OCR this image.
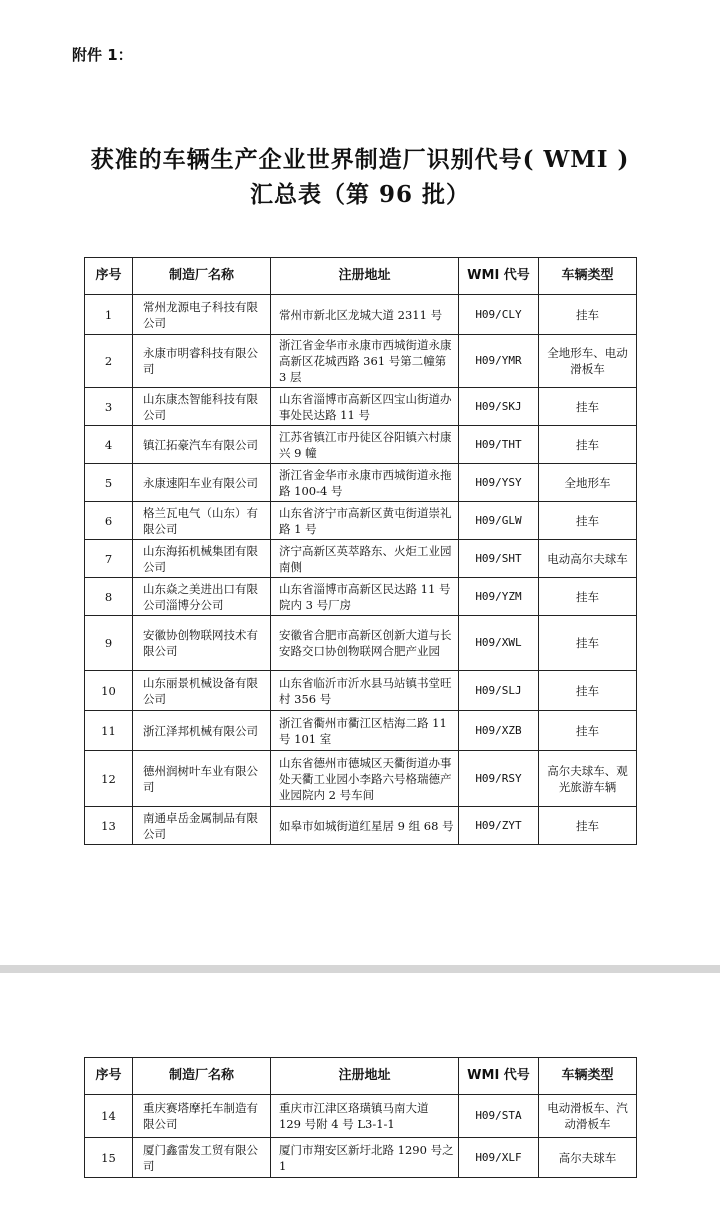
附件 1：
获准的车辆生产企业世界制造厂识别代号( WMI )
汇总表（第 96 批）
序号	制造厂名称	注册地址	WMI 代号	车辆类型
1	常州龙源电子科技有限公司	常州市新北区龙城大道 2311 号	H09/CLY	挂车
2	永康市明睿科技有限公司	浙江省金华市永康市西城街道永康高新区花城西路 361 号第二幢第 3 层	H09/YMR	全地形车、电动滑板车
3	山东康杰智能科技有限公司	山东省淄博市高新区四宝山街道办事处民达路 11 号	H09/SKJ	挂车
4	镇江拓豪汽车有限公司	江苏省镇江市丹徒区谷阳镇六村康兴 9 幢	H09/THT	挂车
5	永康速阳车业有限公司	浙江省金华市永康市西城街道永拖路 100-4 号	H09/YSY	全地形车
6	格兰瓦电气（山东）有限公司	山东省济宁市高新区黄屯街道崇礼路 1 号	H09/GLW	挂车
7	山东海拓机械集团有限公司	济宁高新区英萃路东、火炬工业园南侧	H09/SHT	电动高尔夫球车
8	山东焱之美进出口有限公司淄博分公司	山东省淄博市高新区民达路 11 号院内 3 号厂房	H09/YZM	挂车
9	安徽协创物联网技术有限公司	安徽省合肥市高新区创新大道与长安路交口协创物联网合肥产业园	H09/XWL	挂车
10	山东丽景机械设备有限公司	山东省临沂市沂水县马站镇书堂旺村 356 号	H09/SLJ	挂车
11	浙江泽邦机械有限公司	浙江省衢州市衢江区桔海二路 11 号 101 室	H09/XZB	挂车
12	德州润树叶车业有限公司	山东省德州市德城区天衢街道办事处天衢工业园小李路六号格瑞德产业园院内 2 号车间	H09/RSY	高尔夫球车、观光旅游车辆
13	南通卓岳金属制品有限公司	如皋市如城街道红星居 9 组 68 号	H09/ZYT	挂车
序号	制造厂名称	注册地址	WMI 代号	车辆类型
14	重庆赛塔摩托车制造有限公司	重庆市江津区珞璜镇马南大道 129 号附 4 号 L3-1-1	H09/STA	电动滑板车、汽动滑板车
15	厦门鑫雷发工贸有限公司	厦门市翔安区新圩北路 1290 号之 1	H09/XLF	高尔夫球车
